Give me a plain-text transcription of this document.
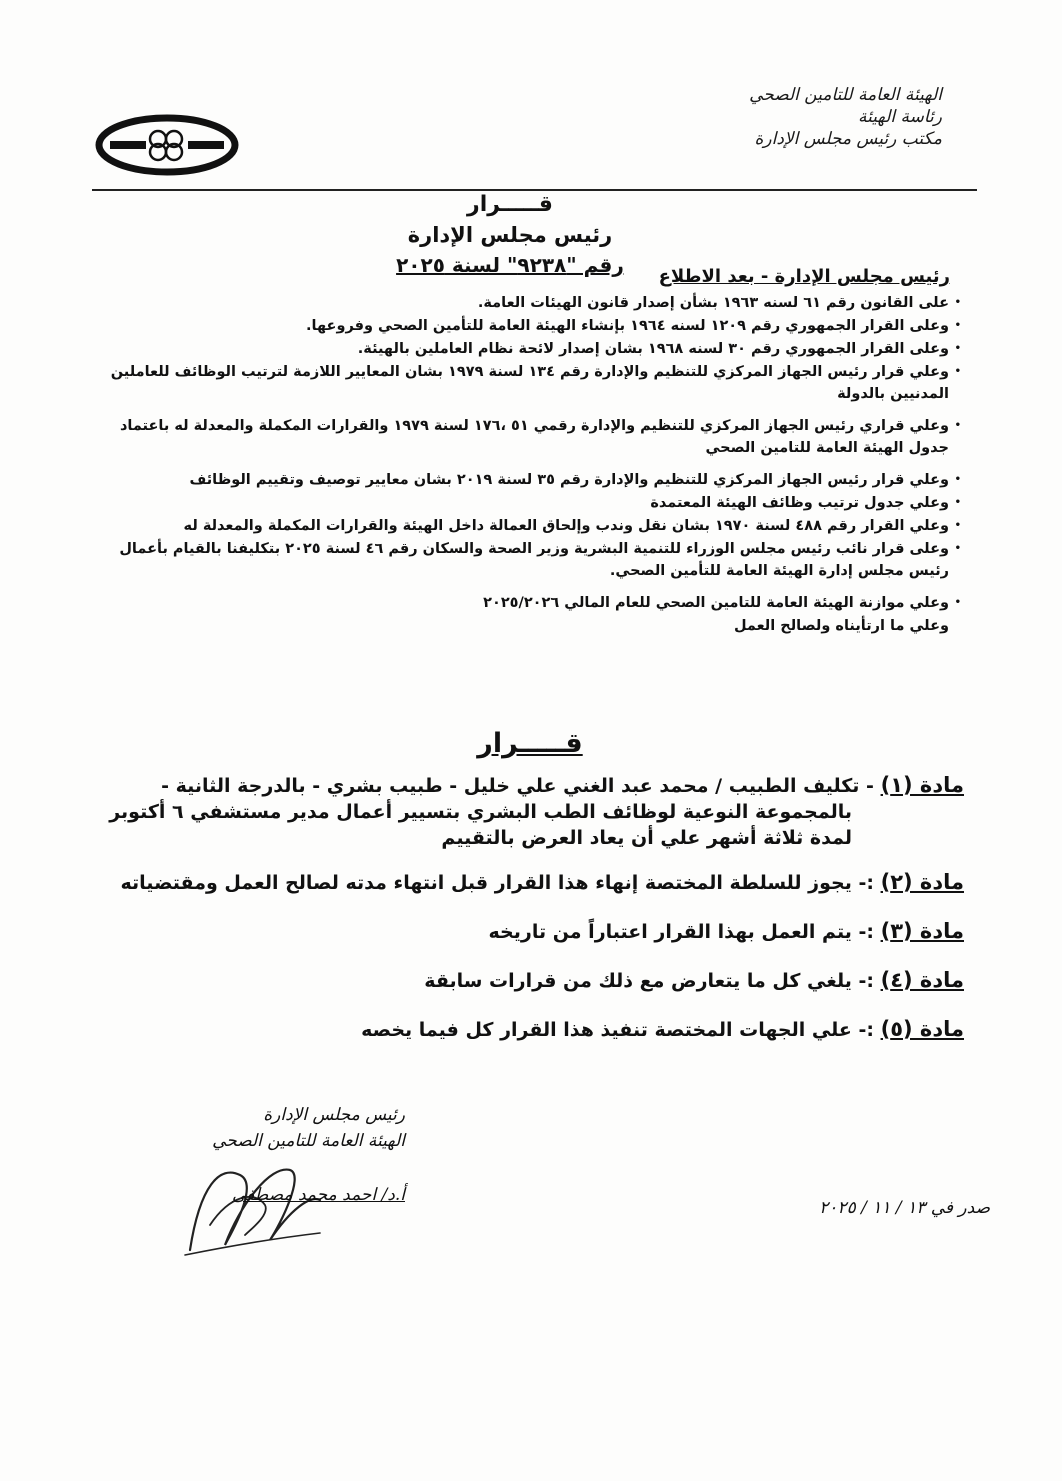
الهيئة العامة للتامين الصحي
رئاسة الهيئة
مكتب رئيس مجلس الإدارة
قـــــرار
رئيس مجلس الإدارة
رقم "٩٢٣٨" لسنة ٢٠٢٥	رئيس مجلس الإدارة - بعد الاطلاع
•
على القانون رقم ٦١ لسنه ١٩٦٣ بشأن إصدار قانون الهيئات العامة.
•
وعلى القرار الجمهوري رقم ١٢٠٩ لسنه ١٩٦٤ بإنشاء الهيئة العامة للتأمين الصحي وفروعها.
•
وعلى القرار الجمهوري رقم ٣٠ لسنه ١٩٦٨ بشان إصدار لائحة نظام العاملين بالهيئة.
•
وعلي قرار رئيس الجهاز المركزي للتنظيم والإدارة رقم ١٣٤ لسنة ١٩٧٩ بشان المعايير اللازمة لترتيب الوظائف للعاملين المدنيين بالدولة
•
وعلي قراري رئيس الجهاز المركزي للتنظيم والإدارة رقمي ٥١ ،١٧٦ لسنة ١٩٧٩ والقرارات المكملة والمعدلة له باعتماد جدول الهيئة العامة للتامين الصحي
•
وعلي قرار رئيس الجهاز المركزي للتنظيم والإدارة رقم ٣٥ لسنة ٢٠١٩ بشان معايير توصيف وتقييم الوظائف
•
وعلي جدول ترتيب وظائف الهيئة المعتمدة
•
وعلي القرار رقم ٤٨٨ لسنة ١٩٧٠ بشان نقل وندب وإلحاق العمالة داخل الهيئة والقرارات المكملة والمعدلة له
•
وعلى قرار نائب رئيس مجلس الوزراء للتنمية البشرية وزير الصحة والسكان رقم ٤٦ لسنة ٢٠٢٥ بتكليفنا بالقيام بأعمال رئيس مجلس إدارة الهيئة العامة للتأمين الصحي.
•
وعلي موازنة الهيئة العامة للتامين الصحي للعام المالي ٢٠٢٥/٢٠٢٦
وعلي ما ارتأيناه ولصالح العمل
قـــــرار
مادة (١) - تكليف الطبيب / محمد عبد الغني علي خليل - طبيب بشري - بالدرجة الثانية -
بالمجموعة النوعية لوظائف الطب البشري بتسيير أعمال مدير مستشفي ٦ أكتوبر لمدة ثلاثة أشهر علي أن يعاد العرض بالتقييم
مادة (٢) :- يجوز للسلطة المختصة إنهاء هذا القرار قبل انتهاء مدته لصالح العمل ومقتضياته
مادة (٣) :- يتم العمل بهذا القرار اعتباراً من تاريخه
مادة (٤) :- يلغي كل ما يتعارض مع ذلك من قرارات سابقة
مادة (٥) :- علي الجهات المختصة تنفيذ هذا القرار كل فيما يخصه
رئيس مجلس الإدارة
الهيئة العامة للتامين الصحي
أ.د/ احمد محمد مصطفى
صدر في ١٣ / ١١ / ٢٠٢٥
